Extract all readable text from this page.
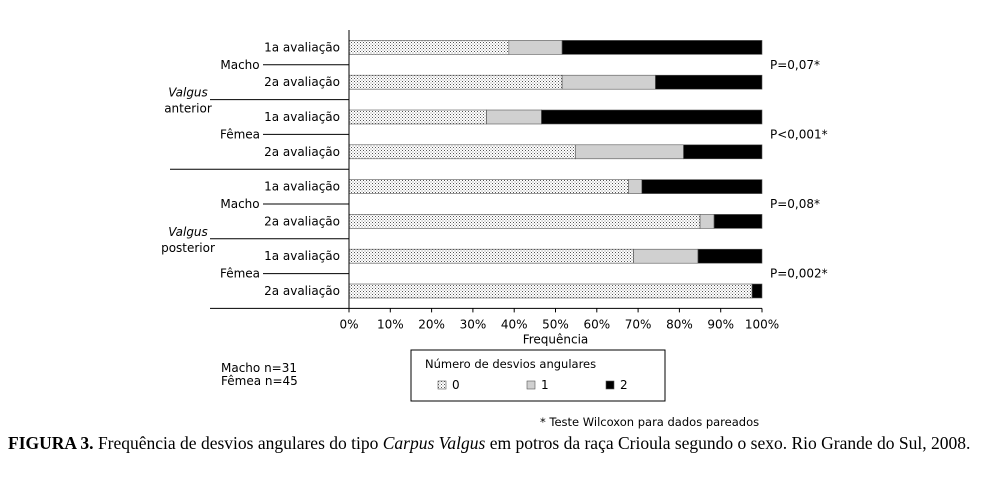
0% 10% 20% 30% 40% 50% 60% 70% 80% 90% 100%
Frequência
1a avaliação
2a avaliação
1a avaliação
2a avaliação
1a avaliação
2a avaliação
1a avaliação
2a avaliação
Macho
Fêmea
Macho
Fêmea
Valgus
anterior
Valgus
posterior
P=0,07*
P<0,001*
P=0,08*
P=0,002*
Macho n=31
Fêmea n=45
* Teste Wilcoxon para dados pareados
Número de desvios angulares
0	1	2
FIGURA 3. Frequência de desvios angulares do tipo Carpus Valgus em potros da raça Crioula segundo o sexo. Rio Grande do Sul, 2008.
